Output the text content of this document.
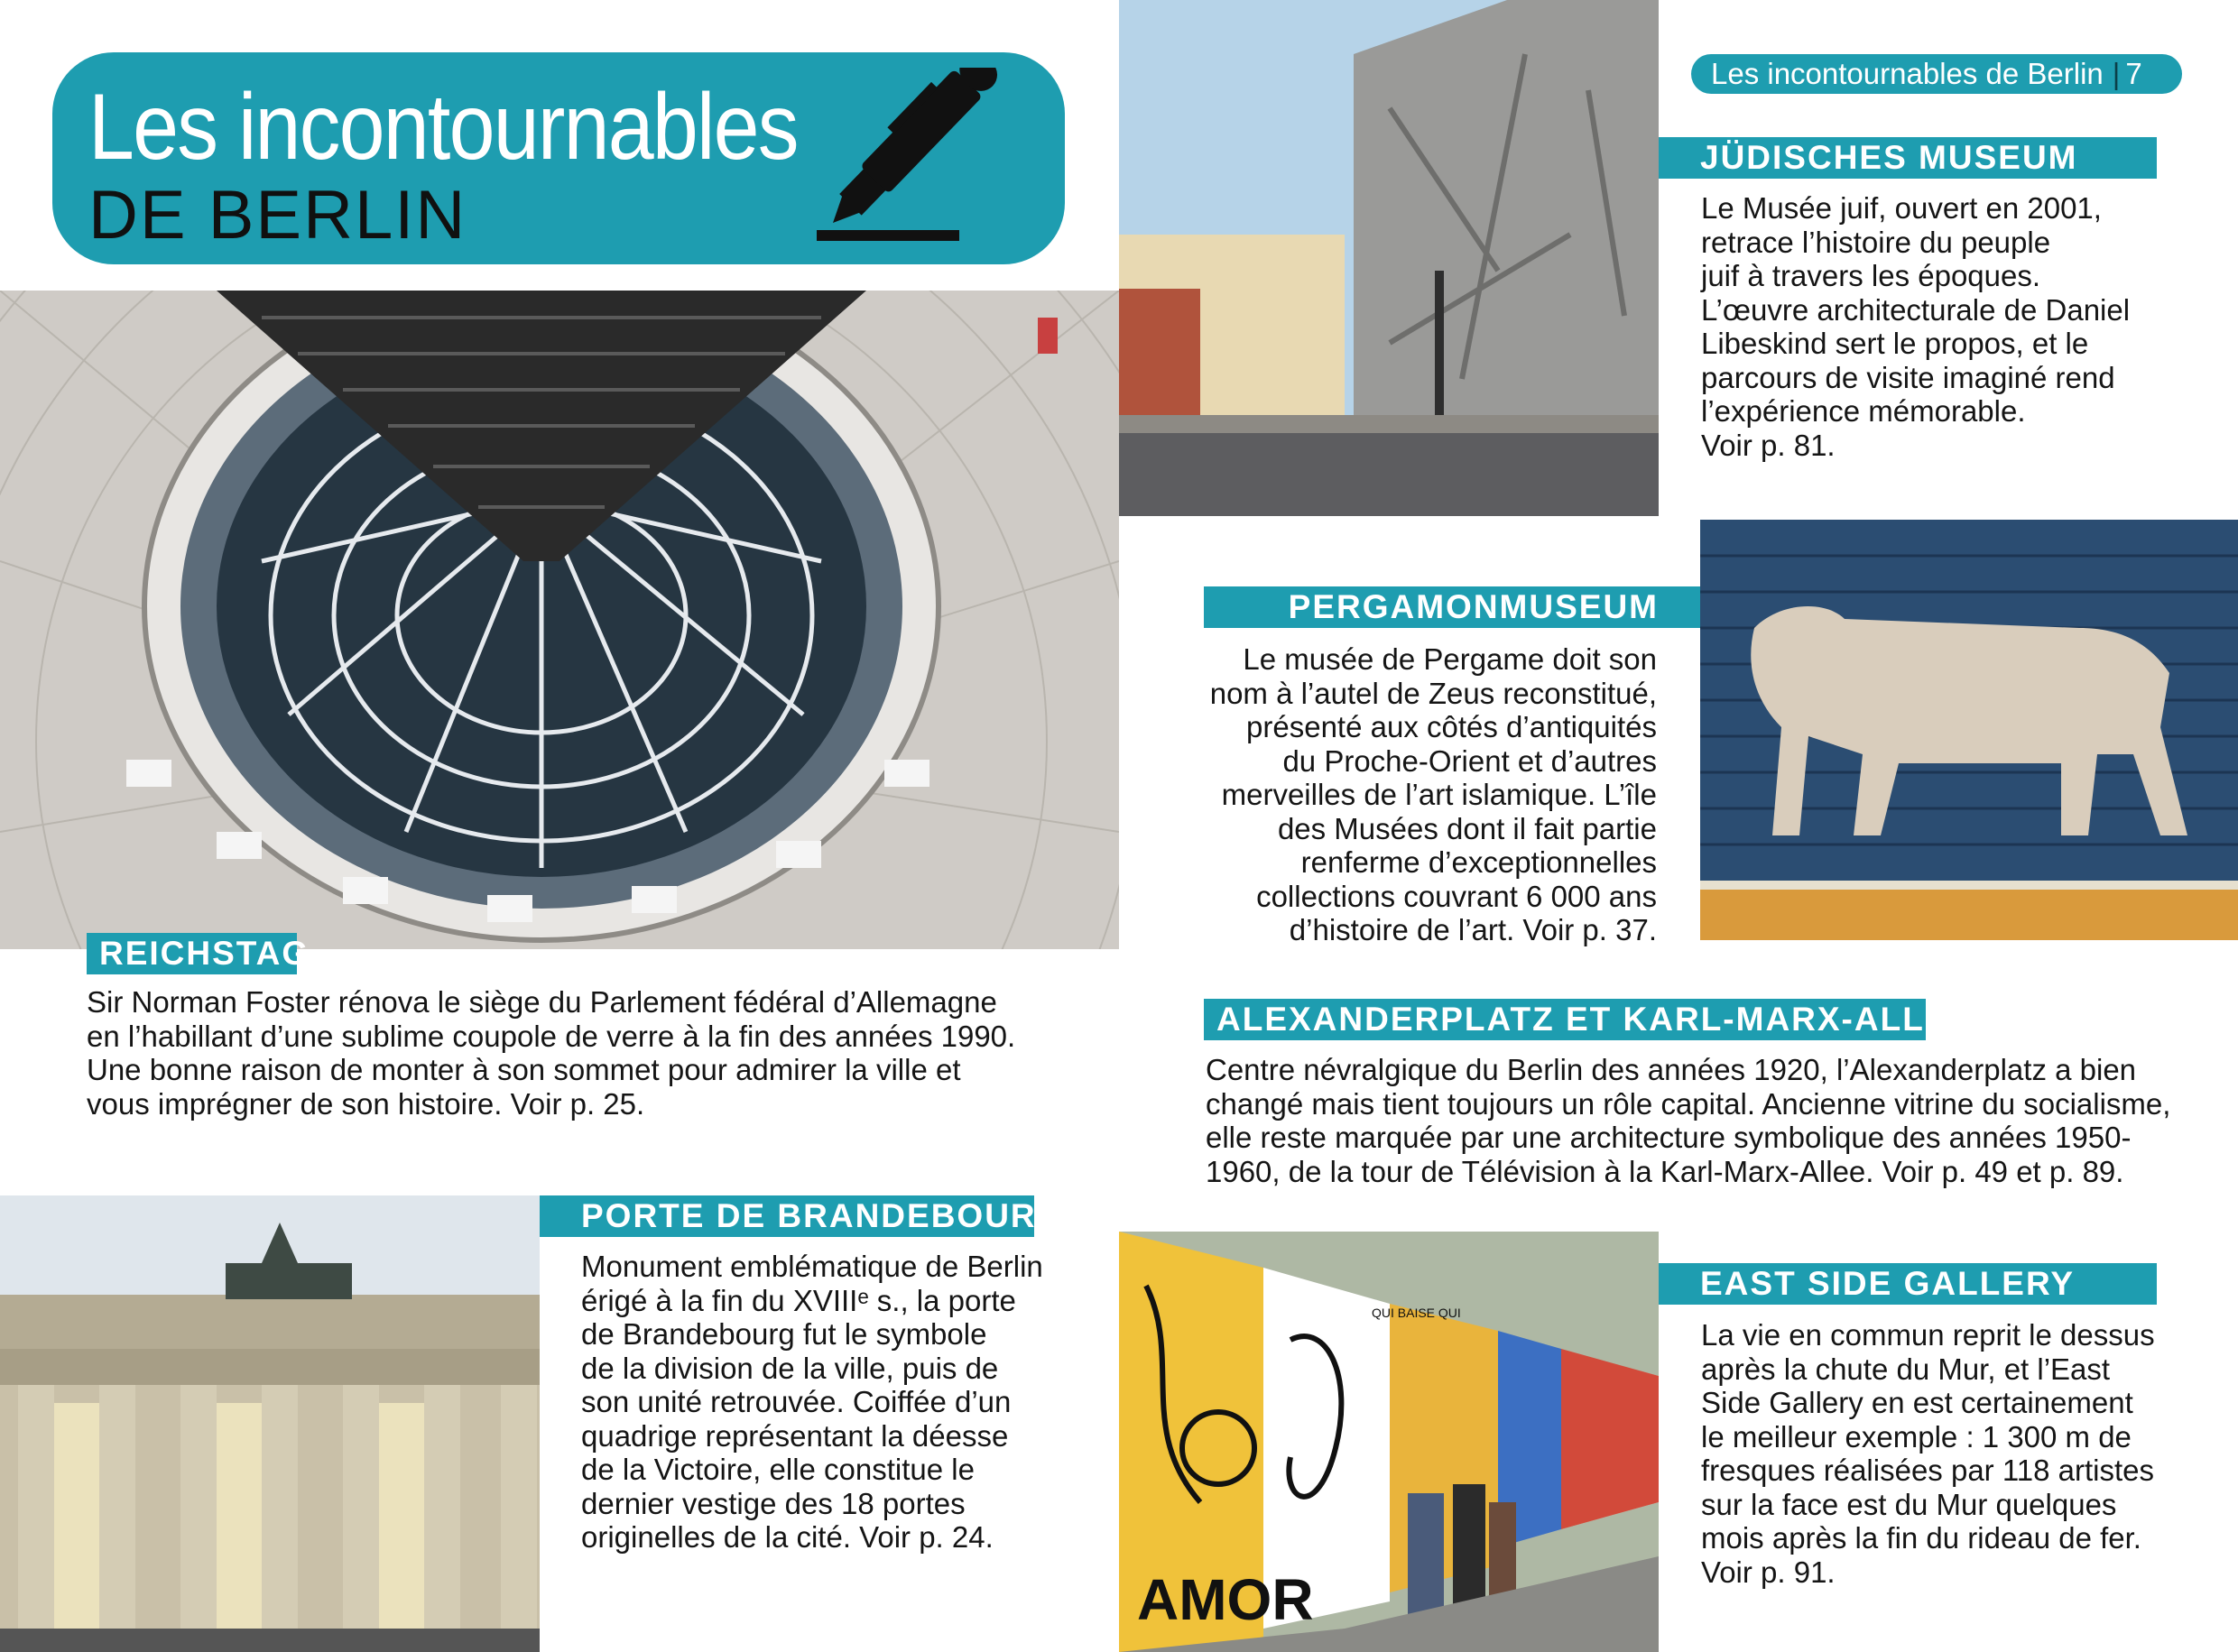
Les incontournables
DE BERLIN
Les incontournables de Berlin | 7
REICHSTAG
Sir Norman Foster rénova le siège du Parlement fédéral d’Allemagne
en l’habillant d’une sublime coupole de verre à la fin des années 1990.
Une bonne raison de monter à son sommet pour admirer la ville et
vous imprégner de son histoire. Voir p. 25.
PORTE DE BRANDEBOURG
Monument emblématique de Berlin
érigé à la fin du XVIIIᵉ s., la porte
de Brandebourg fut le symbole
de la division de la ville, puis de
son unité retrouvée. Coiffée d’un
quadrige représentant la déesse
de la Victoire, elle constitue le
dernier vestige des 18 portes
originelles de la cité. Voir p. 24.
JÜDISCHES MUSEUM
Le Musée juif, ouvert en 2001,
retrace l’histoire du peuple
juif à travers les époques.
L’œuvre architecturale de Daniel
Libeskind sert le propos, et le
parcours de visite imaginé rend
l’expérience mémorable.
Voir p. 81.
PERGAMONMUSEUM
Le musée de Pergame doit son
nom à l’autel de Zeus reconstitué,
présenté aux côtés d’antiquités
du Proche-Orient et d’autres
merveilles de l’art islamique. L’île
des Musées dont il fait partie
renferme d’exceptionnelles
collections couvrant 6 000 ans
d’histoire de l’art. Voir p. 37.
ALEXANDERPLATZ ET KARL-MARX-ALLEE
Centre névralgique du Berlin des années 1920, l’Alexanderplatz a bien
changé mais tient toujours un rôle capital. Ancienne vitrine du socialisme,
elle reste marquée par une architecture symbolique des années 1950-
1960, de la tour de Télévision à la Karl-Marx-Allee. Voir p. 49 et p. 89.
AMOR
QUI BAISE QUI
EAST SIDE GALLERY
La vie en commun reprit le dessus
après la chute du Mur, et l’East
Side Gallery en est certainement
le meilleur exemple : 1 300 m de
fresques réalisées par 118 artistes
sur la face est du Mur quelques
mois après la fin du rideau de fer.
Voir p. 91.
